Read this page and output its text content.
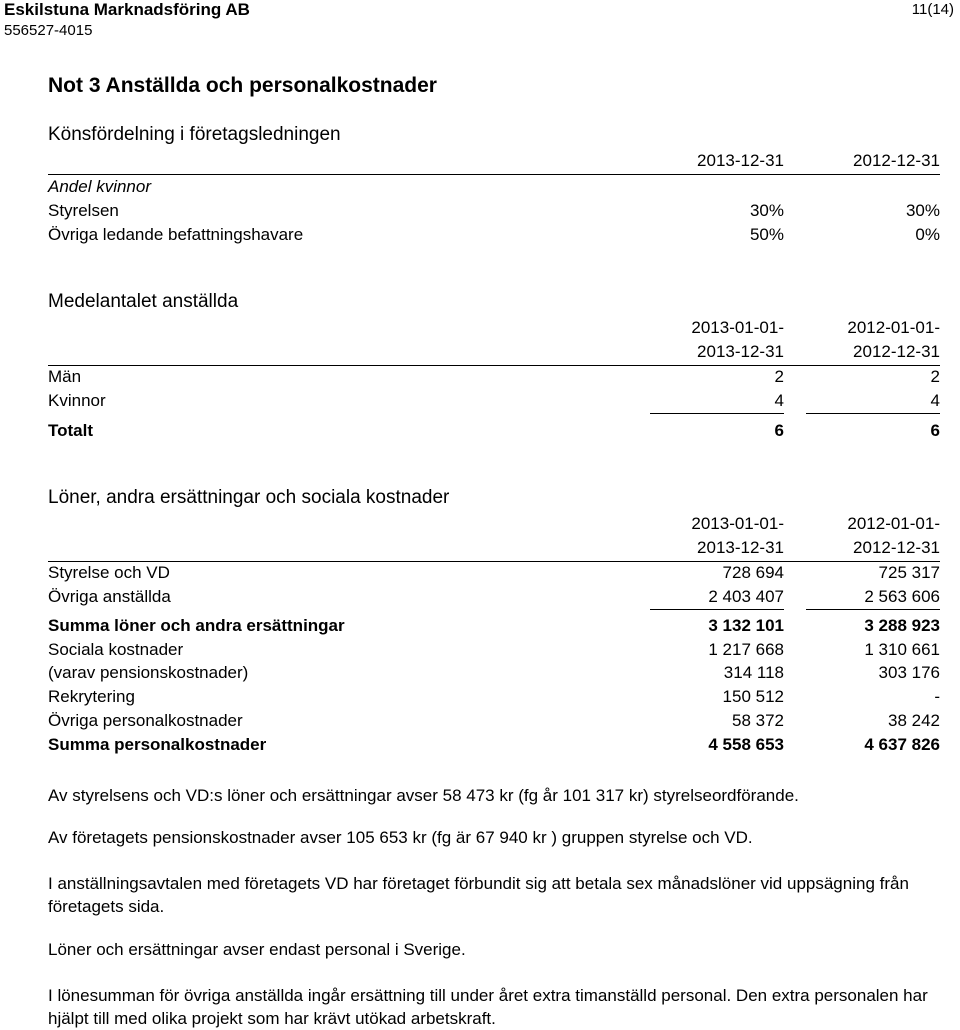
Eskilstuna Marknadsföring AB
556527-4015
11(14)
Not 3 Anställda och personalkostnader
Könsfördelning i företagsledningen
2013-12-31	2012-12-31
Andel kvinnor
Styrelsen	30%	30%
Övriga ledande befattningshavare	50%	0%
Medelantalet anställda
2013-01-01-	2012-01-01-
2013-12-31	2012-12-31
Män	2	2
Kvinnor	4	4
Totalt	6	6
Löner, andra ersättningar och sociala kostnader
2013-01-01-	2012-01-01-
2013-12-31	2012-12-31
Styrelse och VD	728 694	725 317
Övriga anställda	2 403 407	2 563 606
Summa löner och andra ersättningar	3 132 101	3 288 923
Sociala kostnader	1 217 668	1 310 661
(varav pensionskostnader)	314 118	303 176
Rekrytering	150 512	-
Övriga personalkostnader	58 372	38 242
Summa personalkostnader	4 558 653	4 637 826
Av styrelsens och VD:s löner och ersättningar avser 58 473 kr (fg år 101 317 kr) styrelseordförande.
Av företagets pensionskostnader avser 105 653 kr (fg är 67 940 kr ) gruppen styrelse och VD.
I anställningsavtalen med företagets VD har företaget förbundit sig att betala sex månadslöner vid uppsägning från företagets sida.
Löner och ersättningar avser endast personal i Sverige.
I lönesumman för övriga anställda ingår ersättning till under året extra timanställd personal. Den extra personalen har hjälpt till med olika projekt som har krävt utökad arbetskraft.
